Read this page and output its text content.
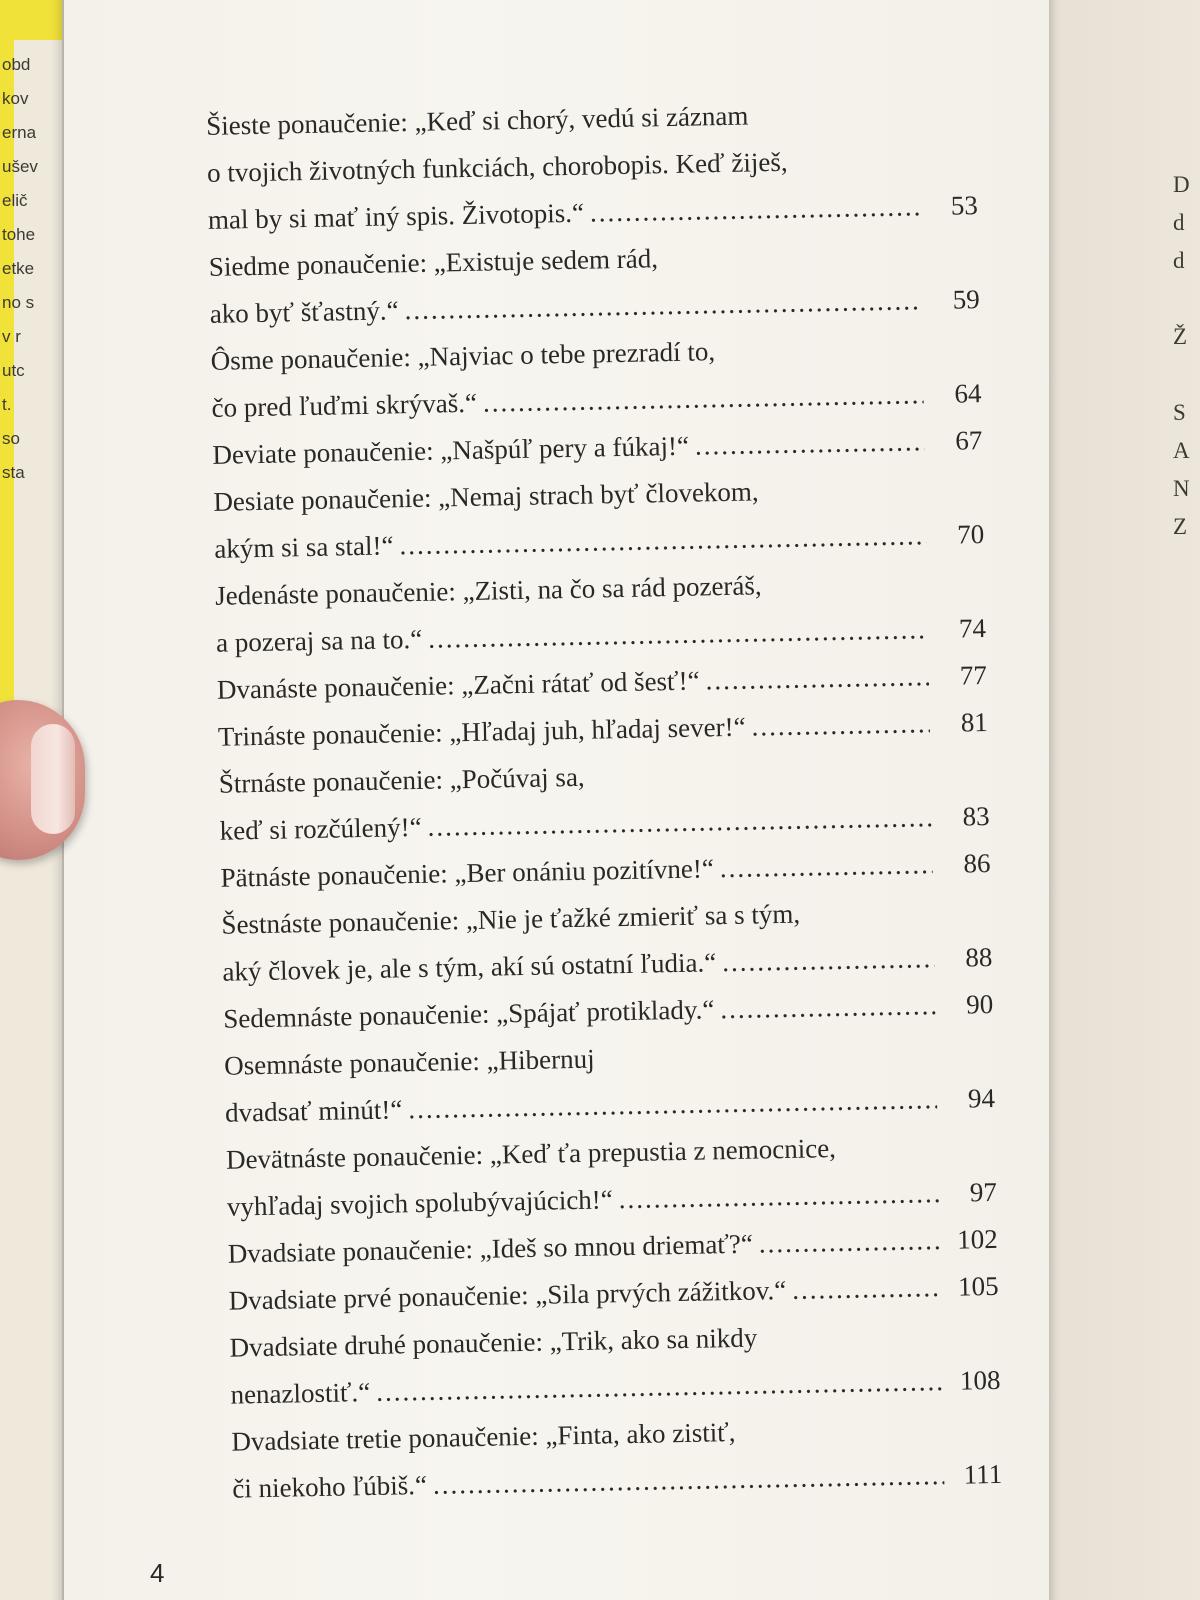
obd
kov
erna
ušev
elič
tohe
etke
no s
v r
utc
t.
so
sta
D
d
d

Ž

S
A
N
Z
Šieste ponaučenie: „Keď si chorý, vedú si záznam
o tvojich životných funkciách, chorobopis. Keď žiješ,
mal by si mať iný spis. Životopis.“ .....	53
Siedme ponaučenie: „Existuje sedem rád,
ako byť šťastný.“ .....	59
Ôsme ponaučenie: „Najviac o tebe prezradí to,
čo pred ľuďmi skrývaš.“ .....	64
Deviate ponaučenie: „Našpúľ pery a fúkaj!“ .....	67
Desiate ponaučenie: „Nemaj strach byť človekom,
akým si sa stal!“ .....	70
Jedenáste ponaučenie: „Zisti, na čo sa rád pozeráš,
a pozeraj sa na to.“ .....	74
Dvanáste ponaučenie: „Začni rátať od šesť!“ .....	77
Trináste ponaučenie: „Hľadaj juh, hľadaj sever!“ .....	81
Štrnáste ponaučenie: „Počúvaj sa,
keď si rozčúlený!“ .....	83
Pätnáste ponaučenie: „Ber onániu pozitívne!“ .....	86
Šestnáste ponaučenie: „Nie je ťažké zmieriť sa s tým,
aký človek je, ale s tým, akí sú ostatní ľudia.“ .....	88
Sedemnáste ponaučenie: „Spájať protiklady.“ .....	90
Osemnáste ponaučenie: „Hibernuj
dvadsať minút!“ .....	94
Devätnáste ponaučenie: „Keď ťa prepustia z nemocnice,
vyhľadaj svojich spolubývajúcich!“ .....	97
Dvadsiate ponaučenie: „Ideš so mnou driemať?“ .....	102
Dvadsiate prvé ponaučenie: „Sila prvých zážitkov.“ .....	105
Dvadsiate druhé ponaučenie: „Trik, ako sa nikdy
nenazlostiť.“ .....	108
Dvadsiate tretie ponaučenie: „Finta, ako zistiť,
či niekoho ľúbiš.“ .....	111
4
